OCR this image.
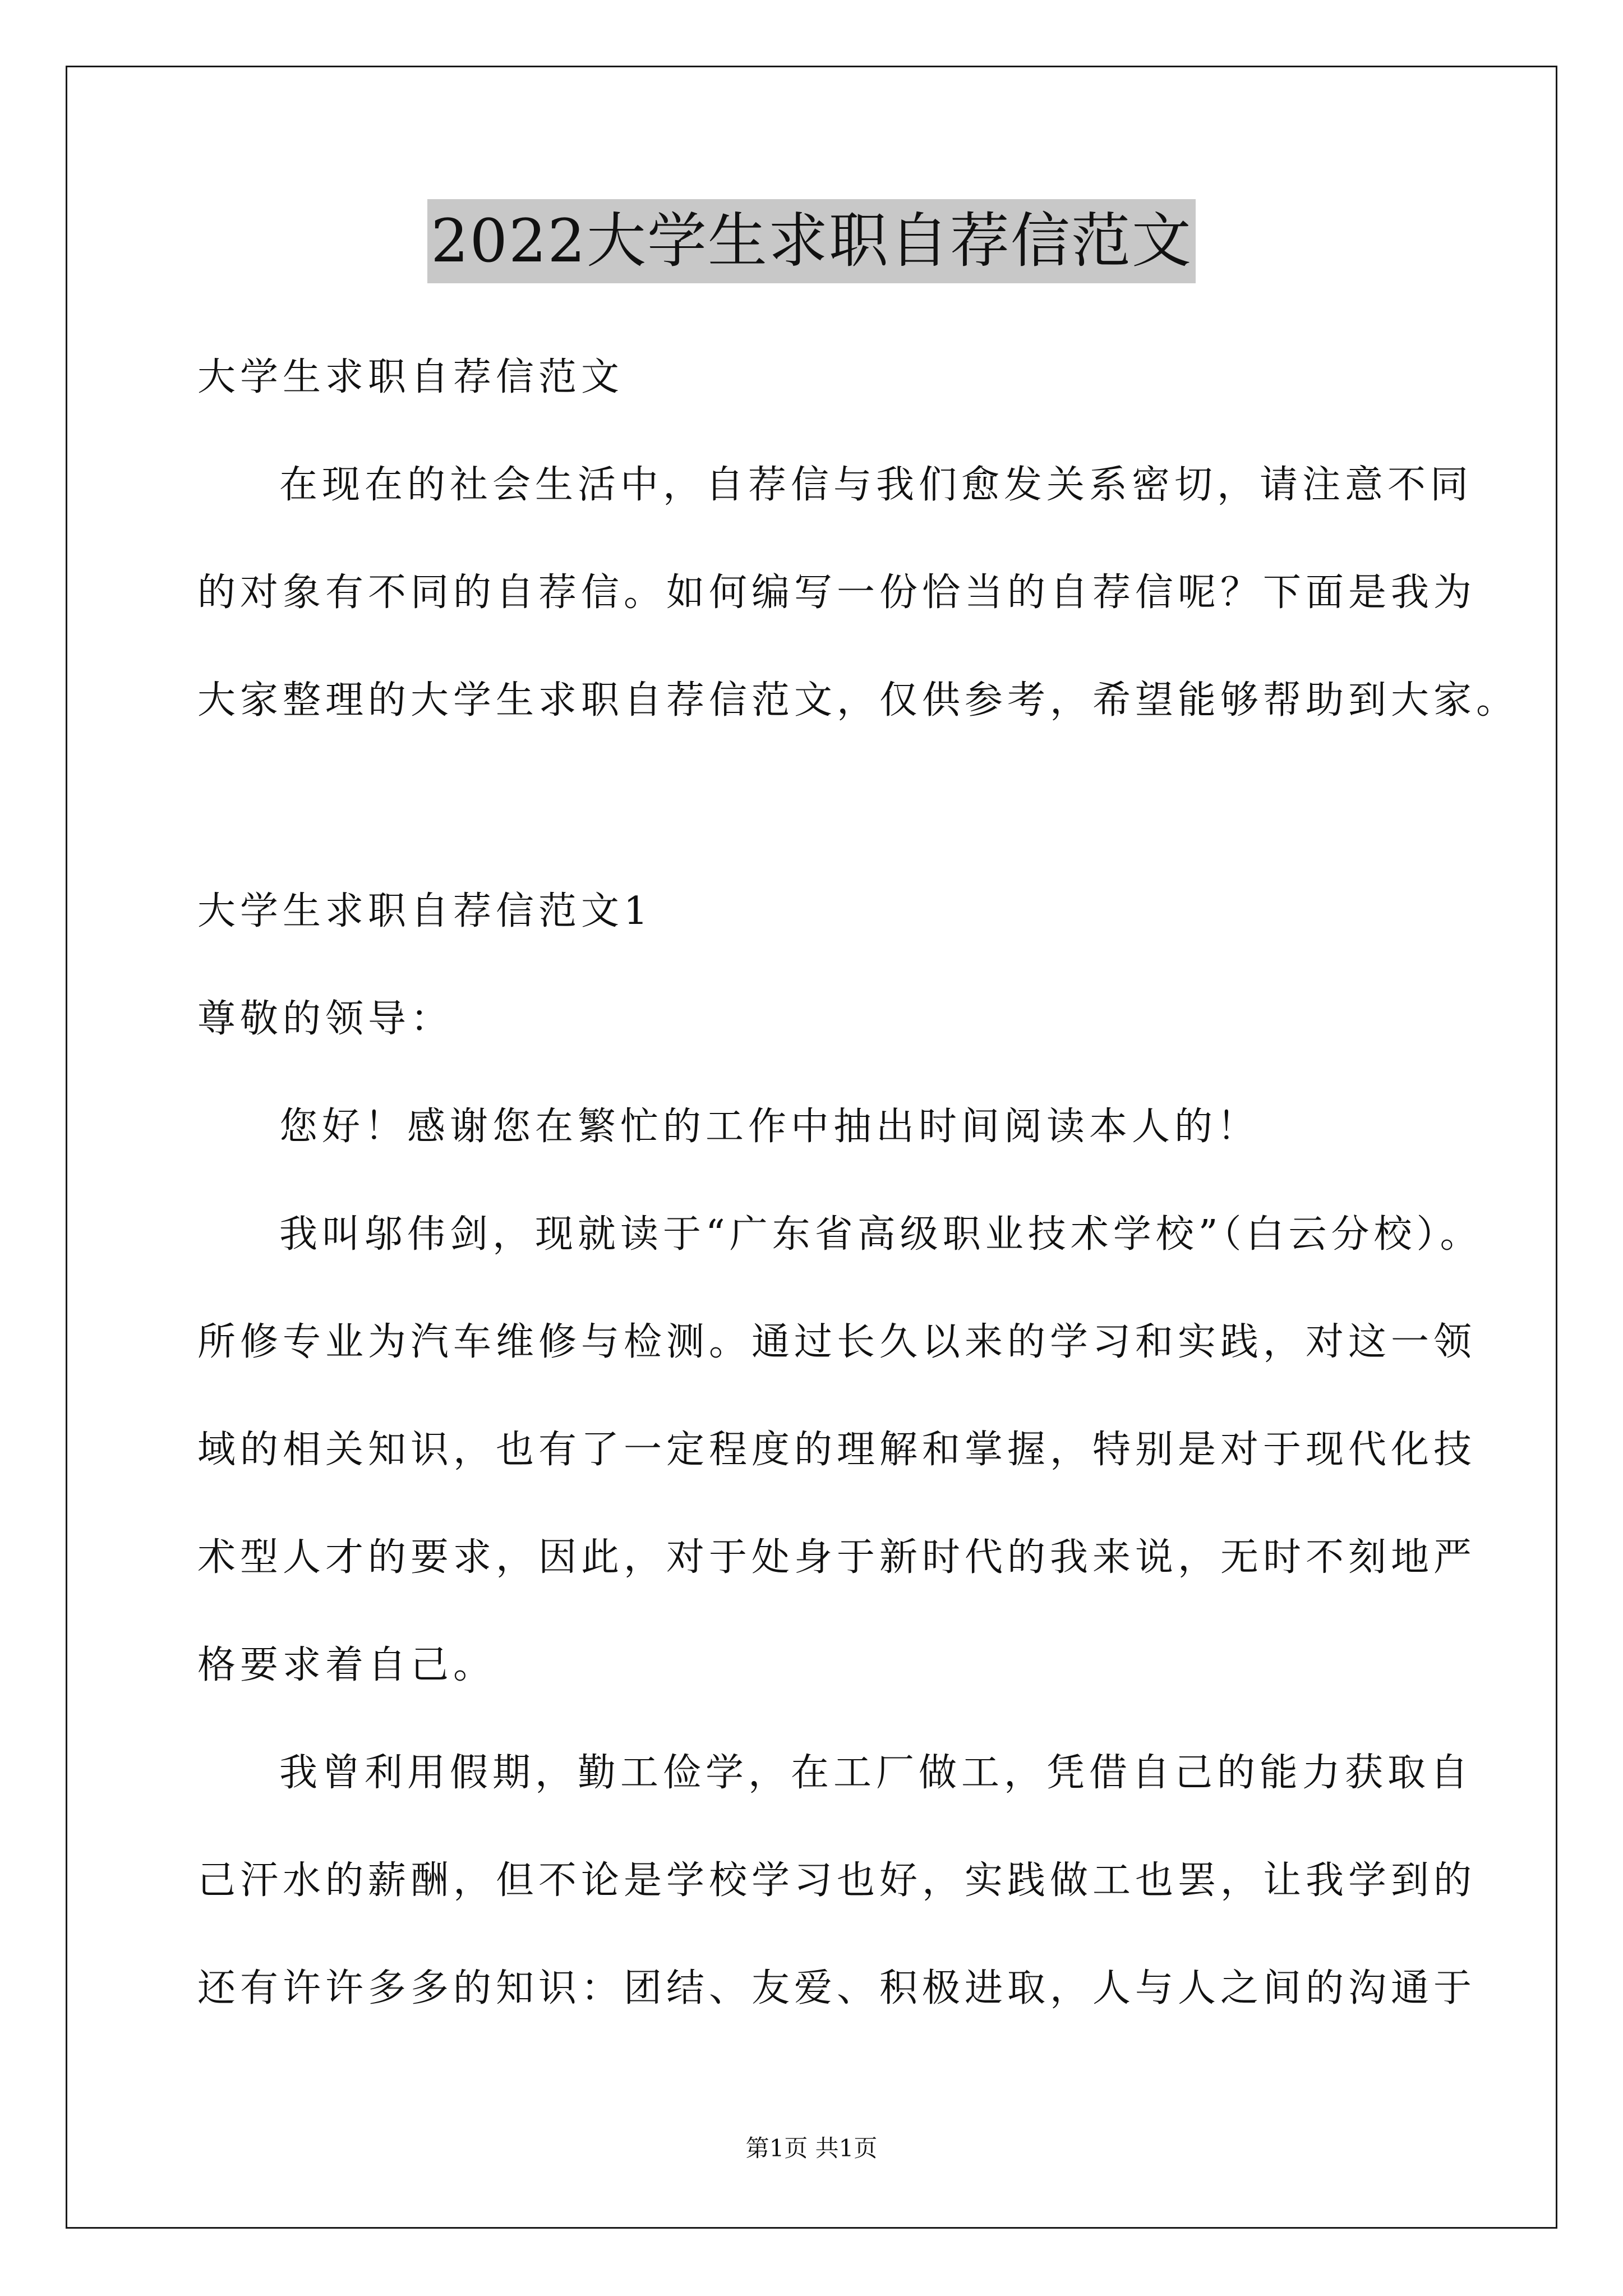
2022大学生求职自荐信范文
大学生求职自荐信范文
在现在的社会生活中，自荐信与我们愈发关系密切，请注意不同
的对象有不同的自荐信。如何编写一份恰当的自荐信呢？下面是我为
大家整理的大学生求职自荐信范文，仅供参考，希望能够帮助到大家。
大学生求职自荐信范文1
尊敬的领导：
您好！感谢您在繁忙的工作中抽出时间阅读本人的！
我叫邬伟剑，现就读于“广东省高级职业技术学校”（白云分校）。
所修专业为汽车维修与检测。通过长久以来的学习和实践，对这一领
域的相关知识，也有了一定程度的理解和掌握，特别是对于现代化技
术型人才的要求，因此，对于处身于新时代的我来说，无时不刻地严
格要求着自己。
我曾利用假期，勤工俭学，在工厂做工，凭借自己的能力获取自
己汗水的薪酬，但不论是学校学习也好，实践做工也罢，让我学到的
还有许许多多的知识：团结、友爱、积极进取，人与人之间的沟通于
第1页 共1页
